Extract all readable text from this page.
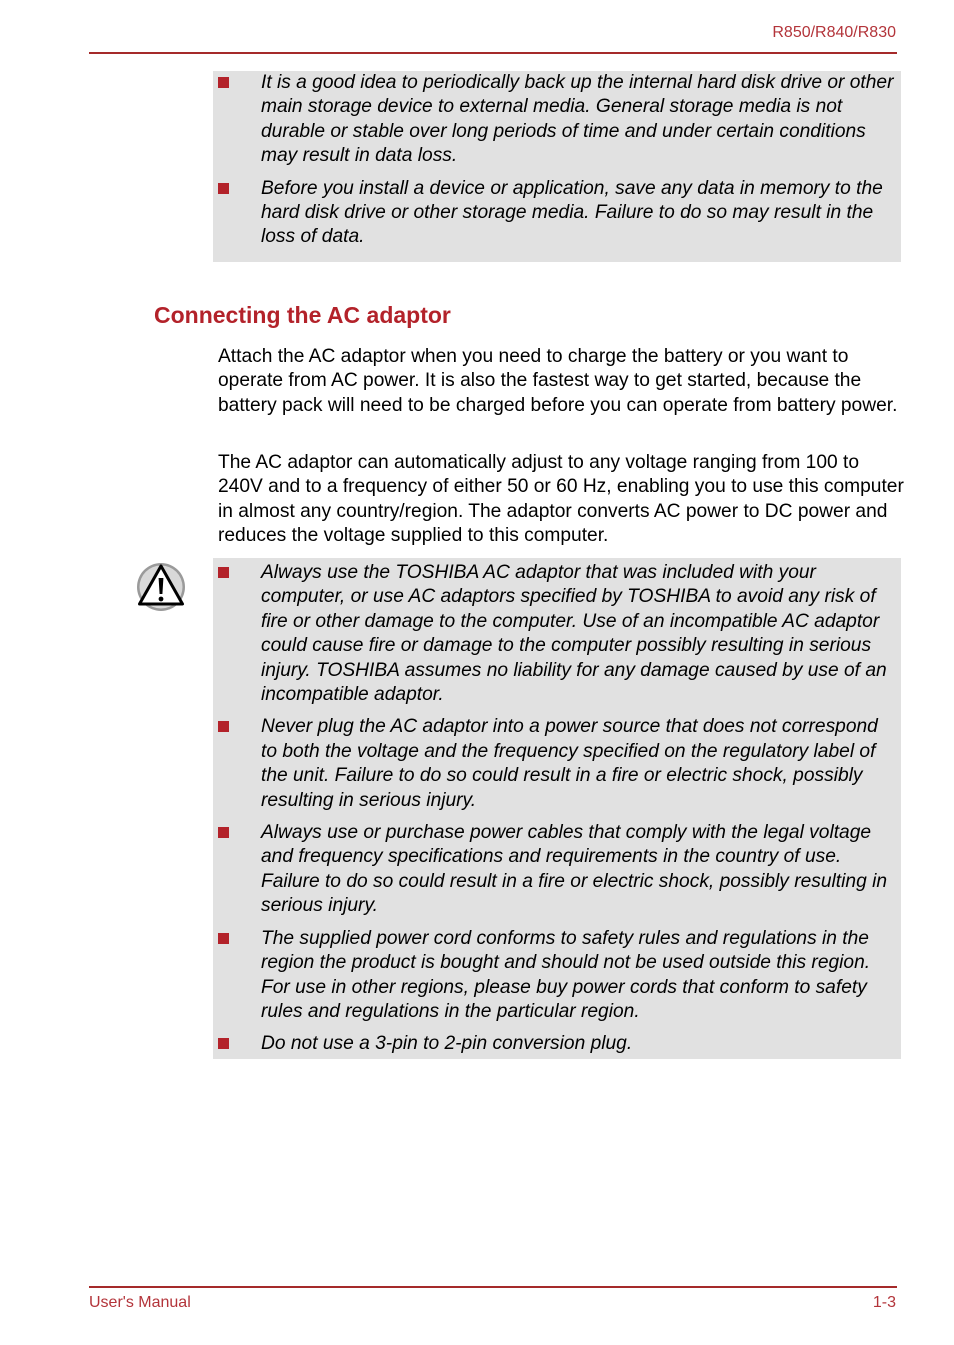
R850/R840/R830

It is a good idea to periodically back up the internal hard disk drive or other main storage device to external media. General storage media is not durable or stable over long periods of time and under certain conditions may result in data loss.

Before you install a device or application, save any data in memory to the hard disk drive or other storage media. Failure to do so may result in the loss of data.

Connecting the AC adaptor

Attach the AC adaptor when you need to charge the battery or you want to operate from AC power. It is also the fastest way to get started, because the battery pack will need to be charged before you can operate from battery power.

The AC adaptor can automatically adjust to any voltage ranging from 100 to 240V and to a frequency of either 50 or 60 Hz, enabling you to use this computer in almost any country/region. The adaptor converts AC power to DC power and reduces the voltage supplied to this computer.

Always use the TOSHIBA AC adaptor that was included with your computer, or use AC adaptors specified by TOSHIBA to avoid any risk of fire or other damage to the computer. Use of an incompatible AC adaptor could cause fire or damage to the computer possibly resulting in serious injury. TOSHIBA assumes no liability for any damage caused by use of an incompatible adaptor.

Never plug the AC adaptor into a power source that does not correspond to both the voltage and the frequency specified on the regulatory label of the unit. Failure to do so could result in a fire or electric shock, possibly resulting in serious injury.

Always use or purchase power cables that comply with the legal voltage and frequency specifications and requirements in the country of use. Failure to do so could result in a fire or electric shock, possibly resulting in serious injury.

The supplied power cord conforms to safety rules and regulations in the region the product is bought and should not be used outside this region. For use in other regions, please buy power cords that conform to safety rules and regulations in the particular region.

Do not use a 3-pin to 2-pin conversion plug.

User's Manual	1-3
